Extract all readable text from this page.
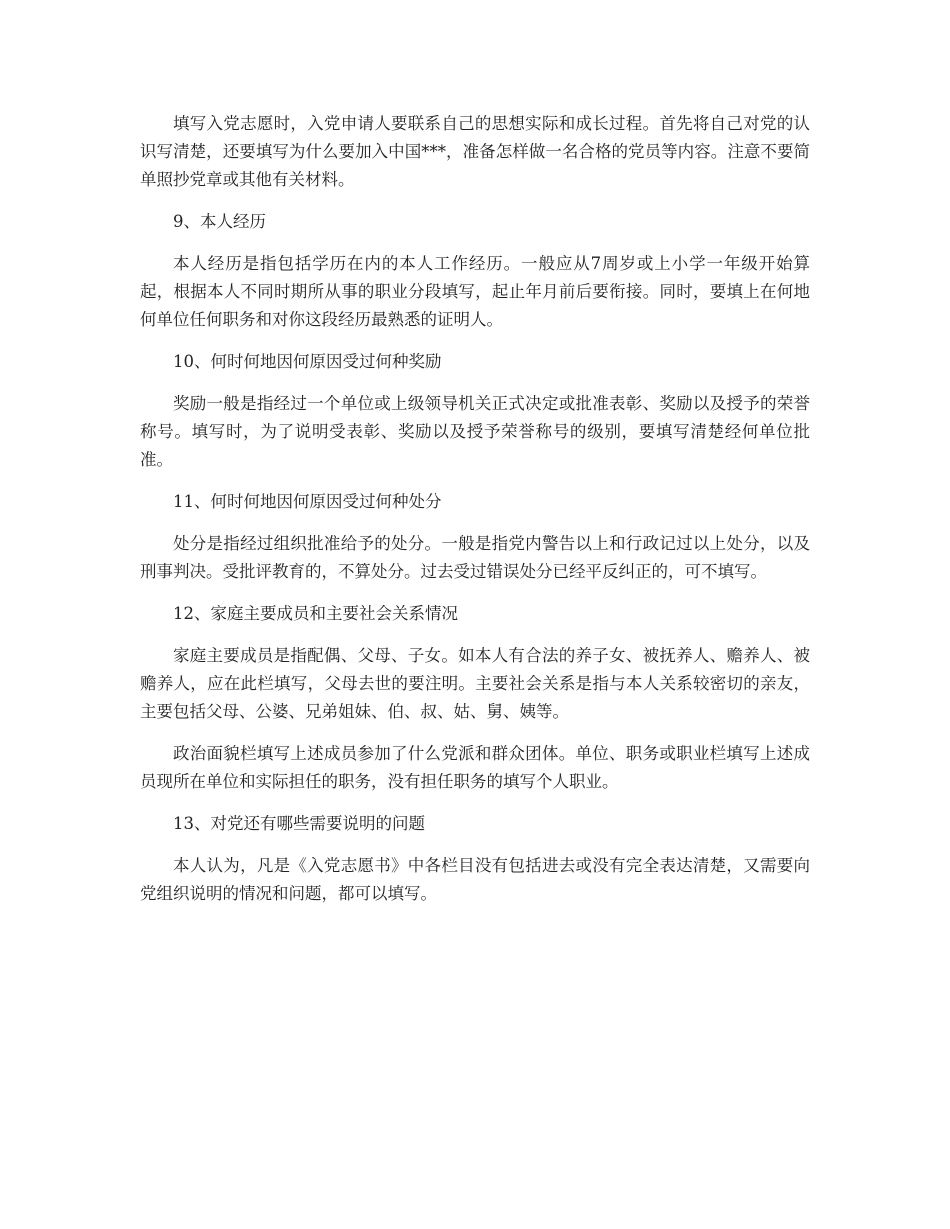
填写入党志愿时，入党申请人要联系自己的思想实际和成长过程。首先将自己对党的认识写清楚，还要填写为什么要加入中国***，准备怎样做一名合格的党员等内容。注意不要简单照抄党章或其他有关材料。

9、本人经历

本人经历是指包括学历在内的本人工作经历。一般应从7周岁或上小学一年级开始算起，根据本人不同时期所从事的职业分段填写，起止年月前后要衔接。同时，要填上在何地何单位任何职务和对你这段经历最熟悉的证明人。

10、何时何地因何原因受过何种奖励

奖励一般是指经过一个单位或上级领导机关正式决定或批准表彰、奖励以及授予的荣誉称号。填写时，为了说明受表彰、奖励以及授予荣誉称号的级别，要填写清楚经何单位批准。

11、何时何地因何原因受过何种处分

处分是指经过组织批准给予的处分。一般是指党内警告以上和行政记过以上处分，以及刑事判决。受批评教育的，不算处分。过去受过错误处分已经平反纠正的，可不填写。

12、家庭主要成员和主要社会关系情况

家庭主要成员是指配偶、父母、子女。如本人有合法的养子女、被抚养人、赡养人、被赡养人，应在此栏填写，父母去世的要注明。主要社会关系是指与本人关系较密切的亲友，主要包括父母、公婆、兄弟姐妹、伯、叔、姑、舅、姨等。

政治面貌栏填写上述成员参加了什么党派和群众团体。单位、职务或职业栏填写上述成员现所在单位和实际担任的职务，没有担任职务的填写个人职业。

13、对党还有哪些需要说明的问题

本人认为，凡是《入党志愿书》中各栏目没有包括进去或没有完全表达清楚，又需要向党组织说明的情况和问题，都可以填写。
